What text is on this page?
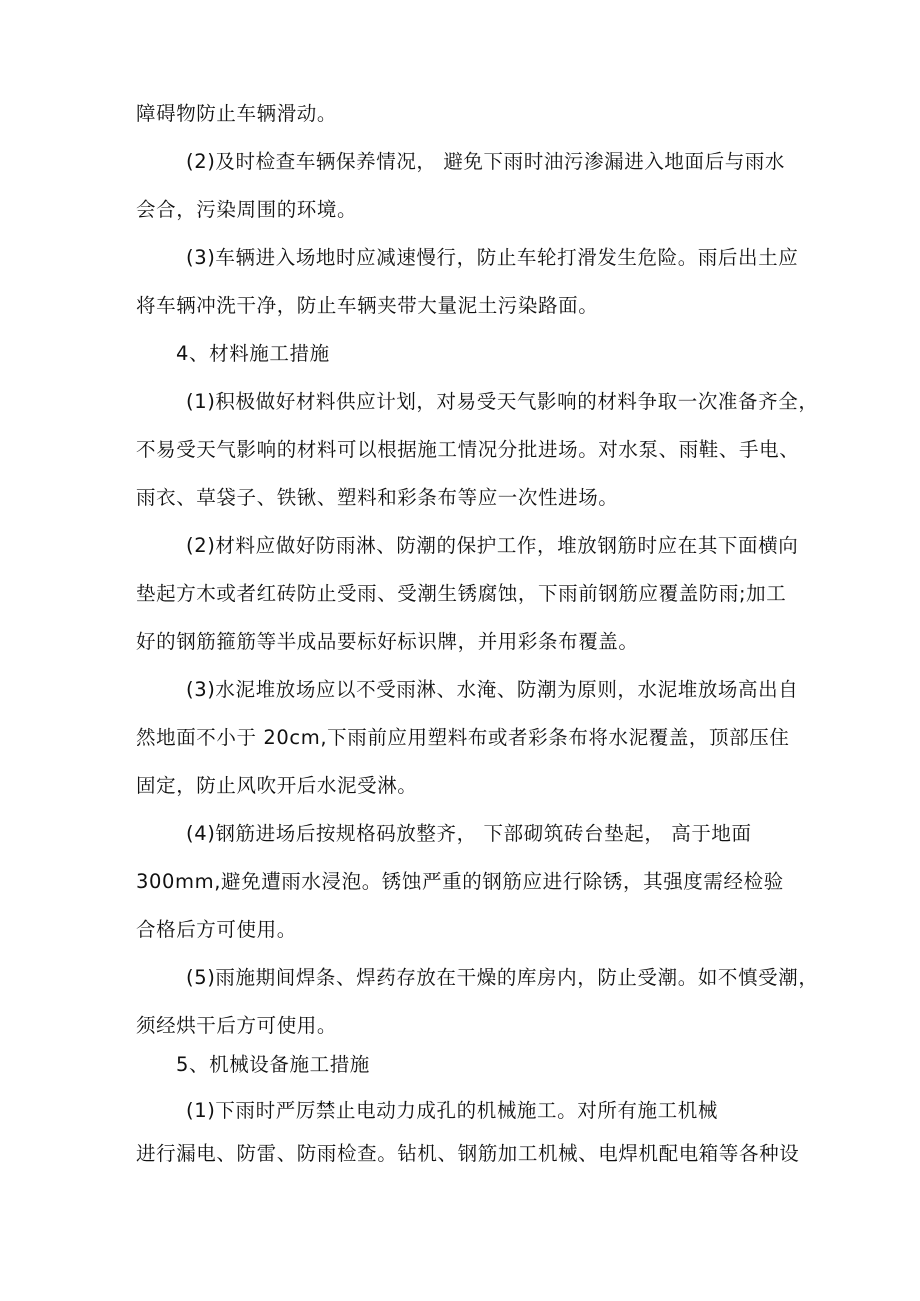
障碍物防止车辆滑动。
(2)及时检查车辆保养情况， 避免下雨时油污渗漏进入地面后与雨水
会合，污染周围的环境。
(3)车辆进入场地时应减速慢行，防止车轮打滑发生危险。雨后出土应
将车辆冲洗干净，防止车辆夹带大量泥土污染路面。
4、材料施工措施
(1)积极做好材料供应计划，对易受天气影响的材料争取一次准备齐全，
不易受天气影响的材料可以根据施工情况分批进场。对水泵、雨鞋、手电、
雨衣、草袋子、铁锹、塑料和彩条布等应一次性进场。
(2)材料应做好防雨淋、防潮的保护工作，堆放钢筋时应在其下面横向
垫起方木或者红砖防止受雨、受潮生锈腐蚀，下雨前钢筋应覆盖防雨;加工
好的钢筋箍筋等半成品要标好标识牌，并用彩条布覆盖。
(3)水泥堆放场应以不受雨淋、水淹、防潮为原则，水泥堆放场高出自
然地面不小于 20cm,下雨前应用塑料布或者彩条布将水泥覆盖，顶部压住
固定，防止风吹开后水泥受淋。
(4)钢筋进场后按规格码放整齐， 下部砌筑砖台垫起， 高于地面
300mm,避免遭雨水浸泡。锈蚀严重的钢筋应进行除锈，其强度需经检验
合格后方可使用。
(5)雨施期间焊条、焊药存放在干燥的库房内，防止受潮。如不慎受潮，
须经烘干后方可使用。
5、机械设备施工措施
(1)下雨时严厉禁止电动力成孔的机械施工。对所有施工机械
进行漏电、防雷、防雨检查。钻机、钢筋加工机械、电焊机配电箱等各种设
